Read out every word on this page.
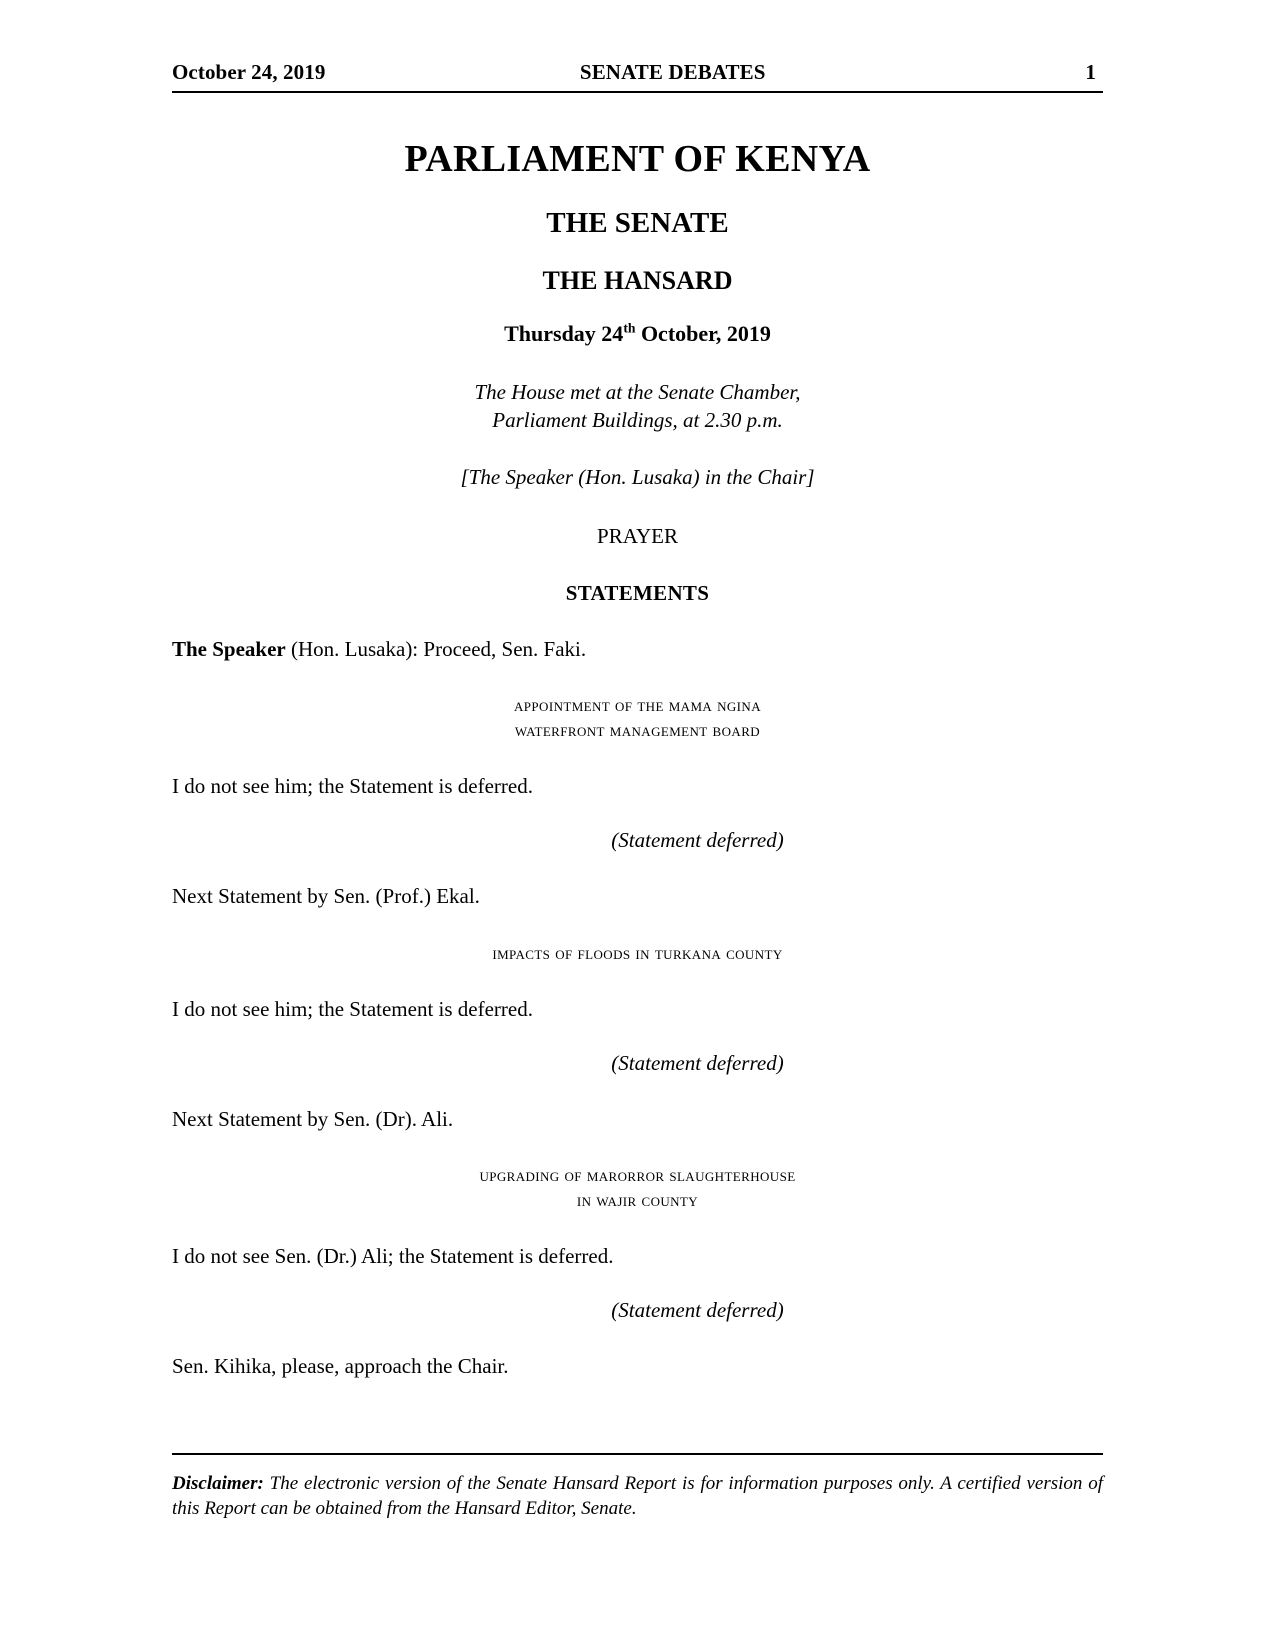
October 24, 2019	SENATE DEBATES	1
PARLIAMENT OF KENYA
THE SENATE
THE HANSARD
Thursday 24th October, 2019
The House met at the Senate Chamber,
Parliament Buildings, at 2.30 p.m.
[The Speaker (Hon. Lusaka) in the Chair]
PRAYER
STATEMENTS
The Speaker (Hon. Lusaka): Proceed, Sen. Faki.
appointment of the mama ngina
waterfront management board
I do not see him; the Statement is deferred.
(Statement deferred)
Next Statement by Sen. (Prof.) Ekal.
impacts of floods in turkana county
I do not see him; the Statement is deferred.
(Statement deferred)
Next Statement by Sen. (Dr). Ali.
upgrading of marorror slaughterhouse
in wajir county
I do not see Sen. (Dr.) Ali; the Statement is deferred.
(Statement deferred)
Sen. Kihika, please, approach the Chair.
Disclaimer: The electronic version of the Senate Hansard Report is for information purposes only. A certified version of this Report can be obtained from the Hansard Editor, Senate.
